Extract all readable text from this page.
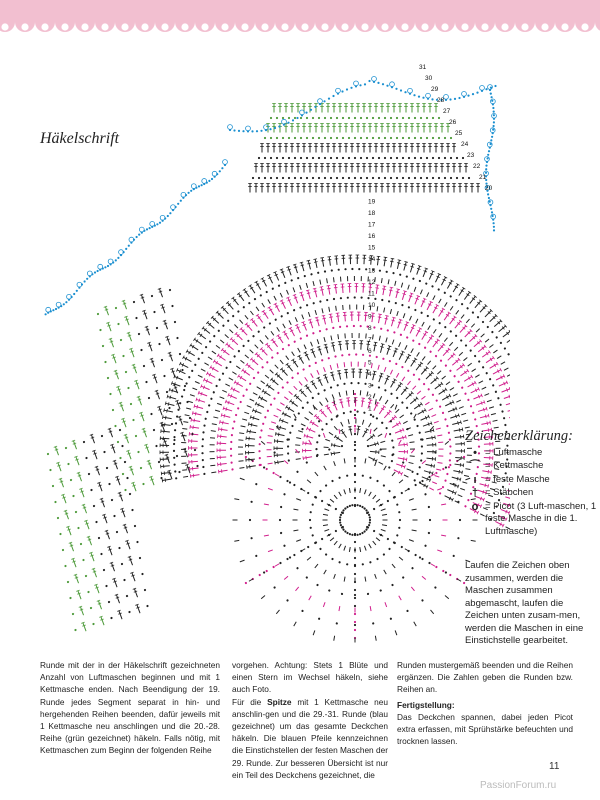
Häkelschrift
1
2
3
4
5
6
7
8
9
10
11
12
13
14
15
16
17
18
19
20
21
22
23
24
25
26
27
28
29
30
31
Zeichenerklärung:
• = Luftmasche
⌒ = Kettmasche
ı = feste Masche
† = Stäbchen
ο = Picot (3 Luft-maschen, 1 feste Masche in die 1. Luftmasche)
Laufen die Zeichen oben zusammen, werden die Maschen zusammen abgemascht, laufen die Zeichen unten zusam-men, werden die Maschen in eine Einstichstelle gearbeitet.

Runde mit der in der Häkelschrift gezeichneten Anzahl von Luftmaschen beginnen und mit 1 Kettmasche enden. Nach Beendigung der 19. Runde jedes Segment separat in hin- und hergehenden Reihen beenden, dafür jeweils mit 1 Kettmasche neu anschlingen und die 20.-28. Reihe (grün gezeichnet) häkeln. Falls nötig, mit Kettmaschen zum Beginn der folgenden Reihe

vorgehen. Achtung: Stets 1 Blüte und einen Stern im Wechsel häkeln, siehe auch Foto.

Für die Spitze mit 1 Kettmasche neu anschlin-gen und die 29.-31. Runde (blau gezeichnet) um das gesamte Deckchen häkeln. Die blauen Pfeile kennzeichnen die Einstichstellen der festen Maschen der 29. Runde. Zur besseren Übersicht ist nur ein Teil des Deckchens gezeichnet, die

Runden mustergemäß beenden und die Reihen ergänzen. Die Zahlen geben die Runden bzw. Reihen an.

Fertigstellung:

Das Deckchen spannen, dabei jeden Picot extra erfassen, mit Sprühstärke befeuchten und trocknen lassen.

11
PassionForum.ru
